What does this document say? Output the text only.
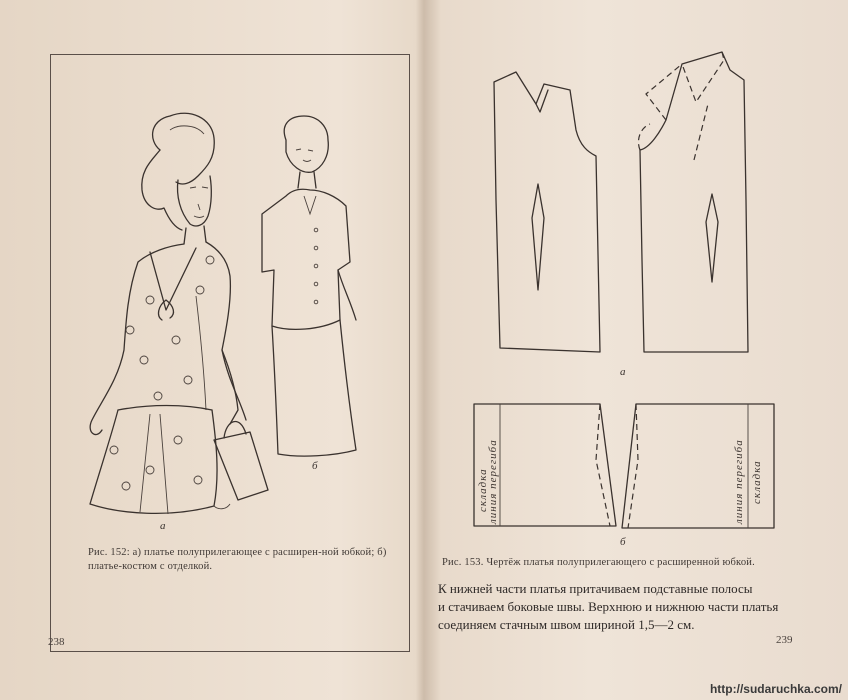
а
б
Рис. 152: а) платье полуприлегающее с расширен-ной юбкой; б) платье-костюм с отделкой.
238
складка
линия перегиба	линия перегиба складка
а
б
Рис. 153. Чертёж платья полуприлегающего с расширенной юбкой.
К нижней части платья притачиваем подставные полосы
и стачиваем боковые швы. Верхнюю и нижнюю части платья
соединяем стачным швом шириной 1,5—2 см.
239
http://sudaruchka.com/
